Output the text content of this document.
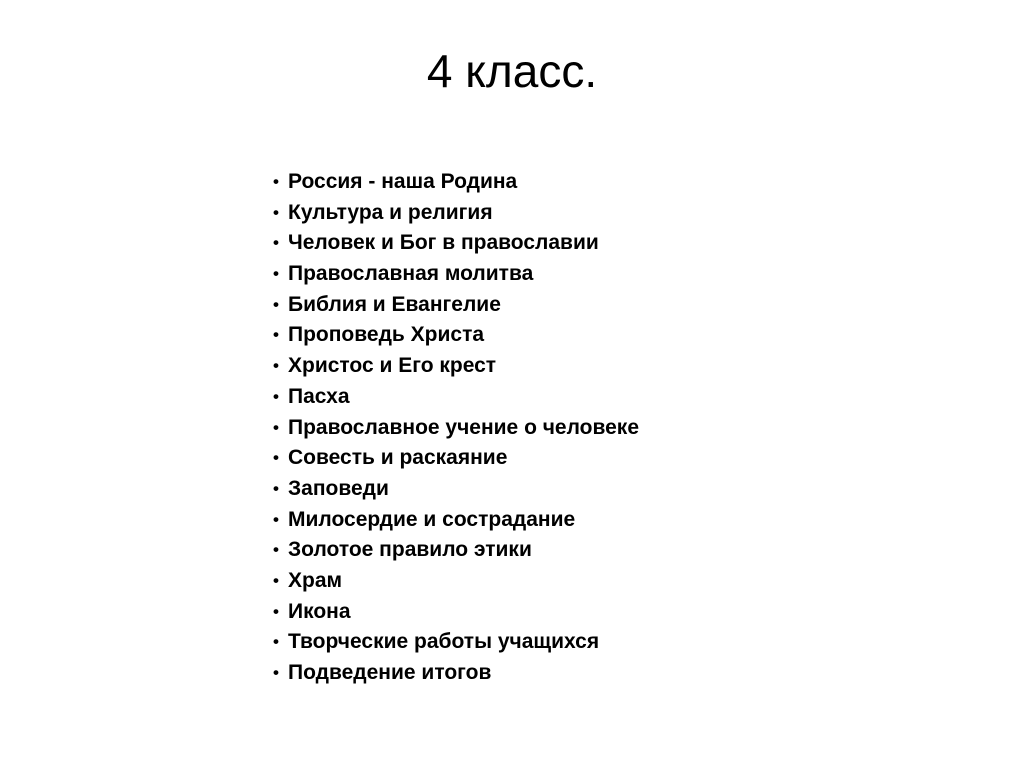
4 класс.
• Россия - наша Родина
• Культура и религия
• Человек и Бог в православии
• Православная молитва
• Библия и Евангелие
• Проповедь Христа
• Христос и Его крест
• Пасха
• Православное учение о человеке
• Совесть и раскаяние
• Заповеди
• Милосердие и сострадание
• Золотое правило этики
• Храм
• Икона
• Творческие работы учащихся
• Подведение итогов
